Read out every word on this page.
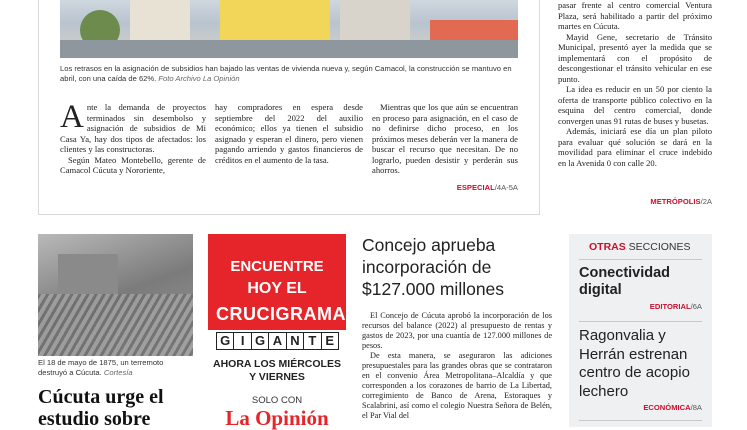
Los retrasos en la asignación de subsidios han bajado las ventas de vivienda nueva y, según Camacol, la construcción se mantuvo en abril, con una caída de 62%. Foto Archivo La Opinión
Ante la demanda de proyectos terminados sin desembolso y asignación de subsidios de Mi Casa Ya, hay dos tipos de afectados: los clientes y las constructoras.
Según Mateo Montebello, gerente de Camacol Cúcuta y Nororiente,
hay compradores en espera desde septiembre del 2022 del auxilio económico; ellos ya tienen el subsidio asignado y esperan el dinero, pero vienen pagando arriendo y gastos financieros de créditos en el aumento de la tasa.
Mientras que los que aún se encuentran en proceso para asignación, en el caso de no definirse dicho proceso, en los próximos meses deberán ver la manera de buscar el recurso que necesitan. De no lograrlo, pueden desistir y perderán sus ahorros.
ESPECIAL/4A-5A
pasar frente al centro comercial Ventura Plaza, será habilitado a partir del próximo martes en Cúcuta.
Mayid Gene, secretario de Tránsito Municipal, presentó ayer la medida que se implementará con el propósito de descongestionar el tránsito vehicular en ese punto.
La idea es reducir en un 50 por ciento la oferta de transporte público colectivo en la esquina del centro comercial, donde convergen unas 91 rutas de buses y busetas.
Además, iniciará ese día un plan piloto para evaluar qué solución se dará en la movilidad para eliminar el cruce indebido en la Avenida 0 con calle 20.
METRÓPOLIS/2A
El 18 de mayo de 1875, un terremoto destruyó a Cúcuta. Cortesía
Cúcuta urge el
estudio sobre
ENCUENTRE
HOY EL
CRUCIGRAMA
G I G A N T E
AHORA LOS MIÉRCOLES
Y VIERNES
SOLO CON
La Opinión
Concejo aprueba
incorporación de
$127.000 millones
El Concejo de Cúcuta aprobó la incorporación de los recursos del balance (2022) al presupuesto de rentas y gastos de 2023, por una cuantía de 127.000 millones de pesos.
De esta manera, se aseguraron las adiciones presupuestales para las grandes obras que se contrataron en el convenio Área Metropolitana–Alcaldía y que corresponden a los corazones de barrio de La Libertad, corregimiento de Banco de Arena, Estoraques y Scalabrini, así como el colegio Nuestra Señora de Belén, el Par Vial del
OTRAS SECCIONES
Conectividad digital
EDITORIAL/6A
Ragonvalia y Herrán estrenan centro de acopio lechero
ECONÓMICA/8A
